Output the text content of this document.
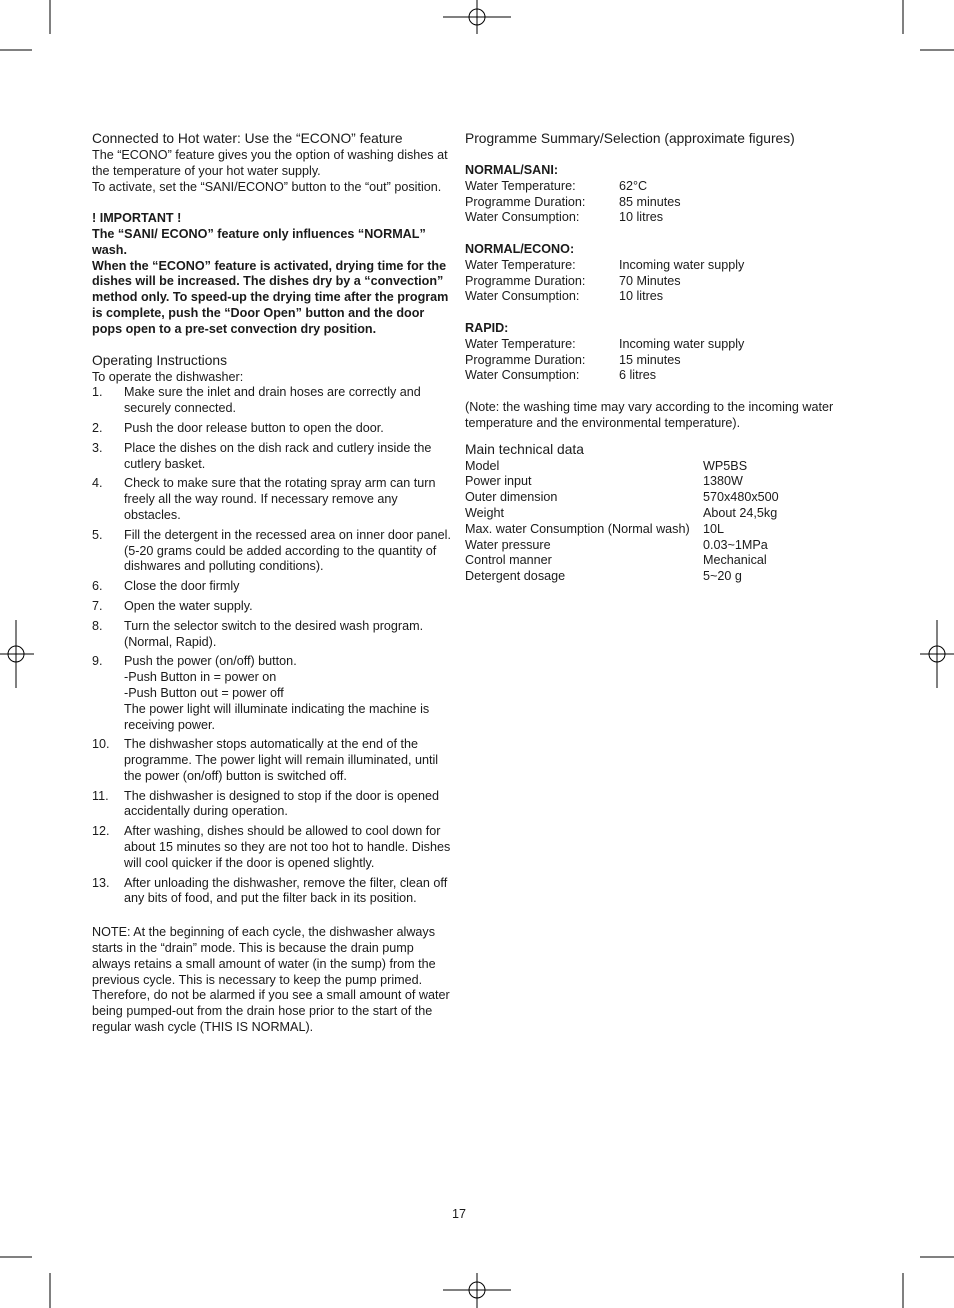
Connected to Hot water: Use the “ECONO” feature

The “ECONO” feature gives you the option of washing dishes at the temperature of your hot water supply.

To activate, set the “SANI/ECONO” button to the “out” position.

! IMPORTANT !

The “SANI/ ECONO” feature only influences “NORMAL” wash.

When the “ECONO” feature is activated, drying time for the dishes will be increased. The dishes dry by a “convection” method only. To speed-up the drying time after the program is complete, push the “Door Open” button and the door pops open to a pre-set convection dry position.

Operating Instructions

To operate the dishwasher:

1.	Make sure the inlet and drain hoses are correctly and securely connected.
2.	Push the door release button to open the door.
3.	Place the dishes on the dish rack and cutlery inside the cutlery basket.
4.	Check to make sure that the rotating spray arm can turn freely all the way round. If necessary remove any obstacles.
5.	Fill the detergent in the recessed area on inner door panel. (5-20 grams could be added according to the quantity of dishwares and polluting conditions).
6.	Close the door firmly
7.	Open the water supply.
8.	Turn the selector switch to the desired wash program. (Normal, Rapid).
9.	Push the power (on/off) button.
-Push Button in = power on
-Push Button out = power off
The power light will illuminate indicating the machine is receiving power.
10.	The dishwasher stops automatically at the end of the programme. The power light will remain illuminated, until the power (on/off) button is switched off.
11.	The dishwasher is designed to stop if the door is opened accidentally during operation.
12.	After washing, dishes should be allowed to cool down for about 15 minutes so they are not too hot to handle. Dishes will cool quicker if the door is opened slightly.
13.	After unloading the dishwasher, remove the filter, clean off any bits of food, and put the filter back in its position.

NOTE: At the beginning of each cycle, the dishwasher always starts in the “drain” mode. This is because the drain pump always retains a small amount of water (in the sump) from the previous cycle. This is necessary to keep the pump primed. Therefore, do not be alarmed if you see a small amount of water being pumped-out from the drain hose prior to the start of the regular wash cycle (THIS IS NORMAL).

Programme Summary/Selection (approximate figures)

NORMAL/SANI:

Water Temperature:	62°C
Programme Duration:	85 minutes
Water Consumption:	10 litres

NORMAL/ECONO:

Water Temperature:	Incoming water supply
Programme Duration:	70 Minutes
Water Consumption:	10 litres

RAPID:

Water Temperature:	Incoming water supply
Programme Duration:	15 minutes
Water Consumption:	6 litres

(Note: the washing time may vary according to the incoming water temperature and the environmental temperature).

Main technical data
Model	WP5BS
Power input	1380W
Outer dimension	570x480x500
Weight	About 24,5kg
Max. water Consumption (Normal wash)	10L
Water pressure	0.03~1MPa
Control manner	Mechanical
Detergent dosage	5~20 g
17
